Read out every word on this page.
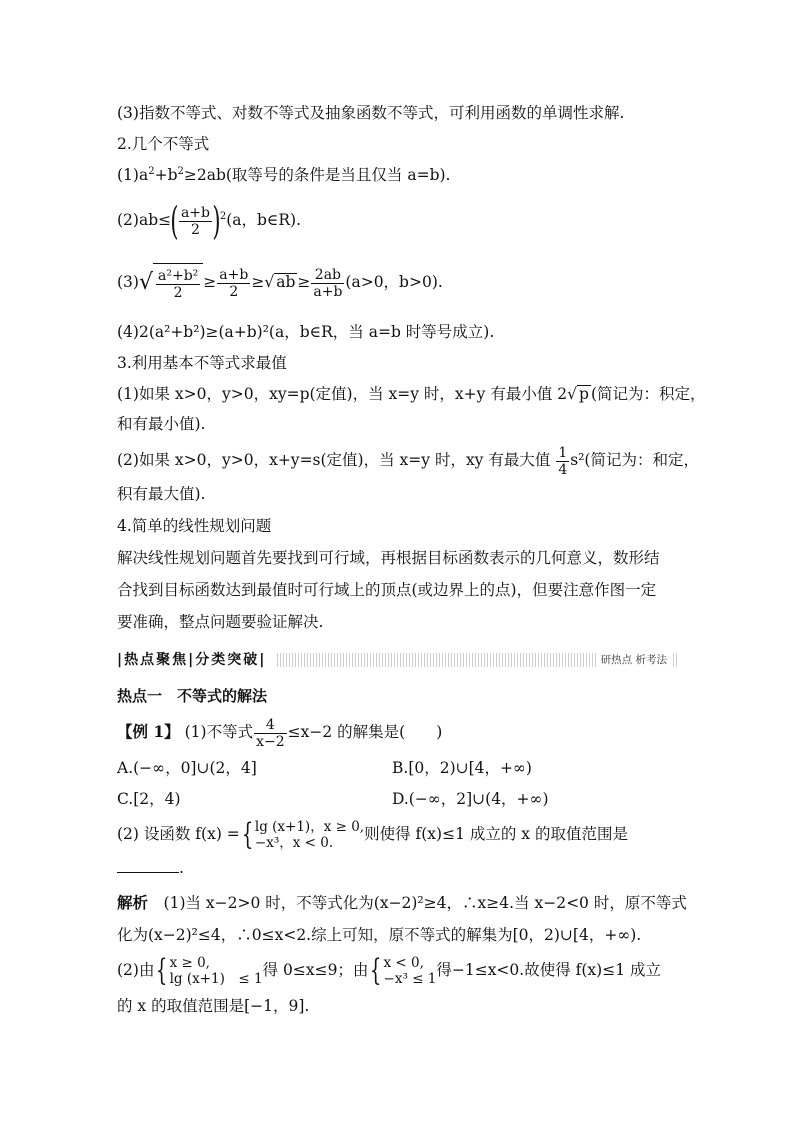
(3)指数不等式、对数不等式及抽象函数不等式，可利用函数的单调性求解.
2.几个不等式
$(1)a^2+b^2\ge 2ab$(取等号的条件是当且仅当 a=b).
$(2)ab\le( \frac{a+b}{2} )^2(a$，b∈R).
$(3)√ \frac{\text{a²+b²}}{2} \ge \frac{a+b}{2}$ ≥√ ab ≥ $\frac{2ab}{a+b} (a>0$，b>0).
(4)2(a²+b²)≥(a+b)²(a，b∈R，当 a=b 时等号成立).
3.利用基本不等式求最值
(1)如果 x>0，y>0，xy=p(定值)，当 x=y 时，x+y 有最小值 2√ p (简记为：积定，
和有最小值).
(2)如果 x>0，y>0，x+y=s(定值)，当 x=y 时，xy 有最大值 $\frac{1}{4} s^2$(简记为：和定，
积有最大值).
4.简单的线性规划问题
解决线性规划问题首先要找到可行域，再根据目标函数表示的几何意义，数形结
合找到目标函数达到最值时可行域上的顶点(或边界上的点)，但要注意作图一定
要准确，整点问题要验证解决.
|热点聚焦|分类突破|	研热点 析考法
热点一　不等式的解法
【例 1】 (1)不等式 $\frac{4}{x-2} \le x-2$ 的解集是(　　)
A.(−∞，0]∪(2，4]	B.[0，2)∪[4，+∞)
C.[2，4)	D.(−∞，2]∪(4，+∞)
(2) 设函数 f(x) ={ lg (x+1)，x ≥ 0,
−x³，x < 0.	则使得 f(x)≤1 成立的 x 的取值范围是
.
解析　 (1)当 x−2>0 时，不等式化为(x−2)²≥4，∴x≥4.当 x−2<0 时，原不等式
化为(x−2)²≤4，∴0≤x<2.综上可知，原不等式的解集为[0，2)∪[4，+∞).
(2)由{ x ≥ 0,
lg (x+1)　≤ 1 得 0≤x≤9；由{ x < 0,
−x³ ≤ 1 得−1≤x<0.故使得 f(x)≤1 成立
的 x 的取值范围是[−1，9].
